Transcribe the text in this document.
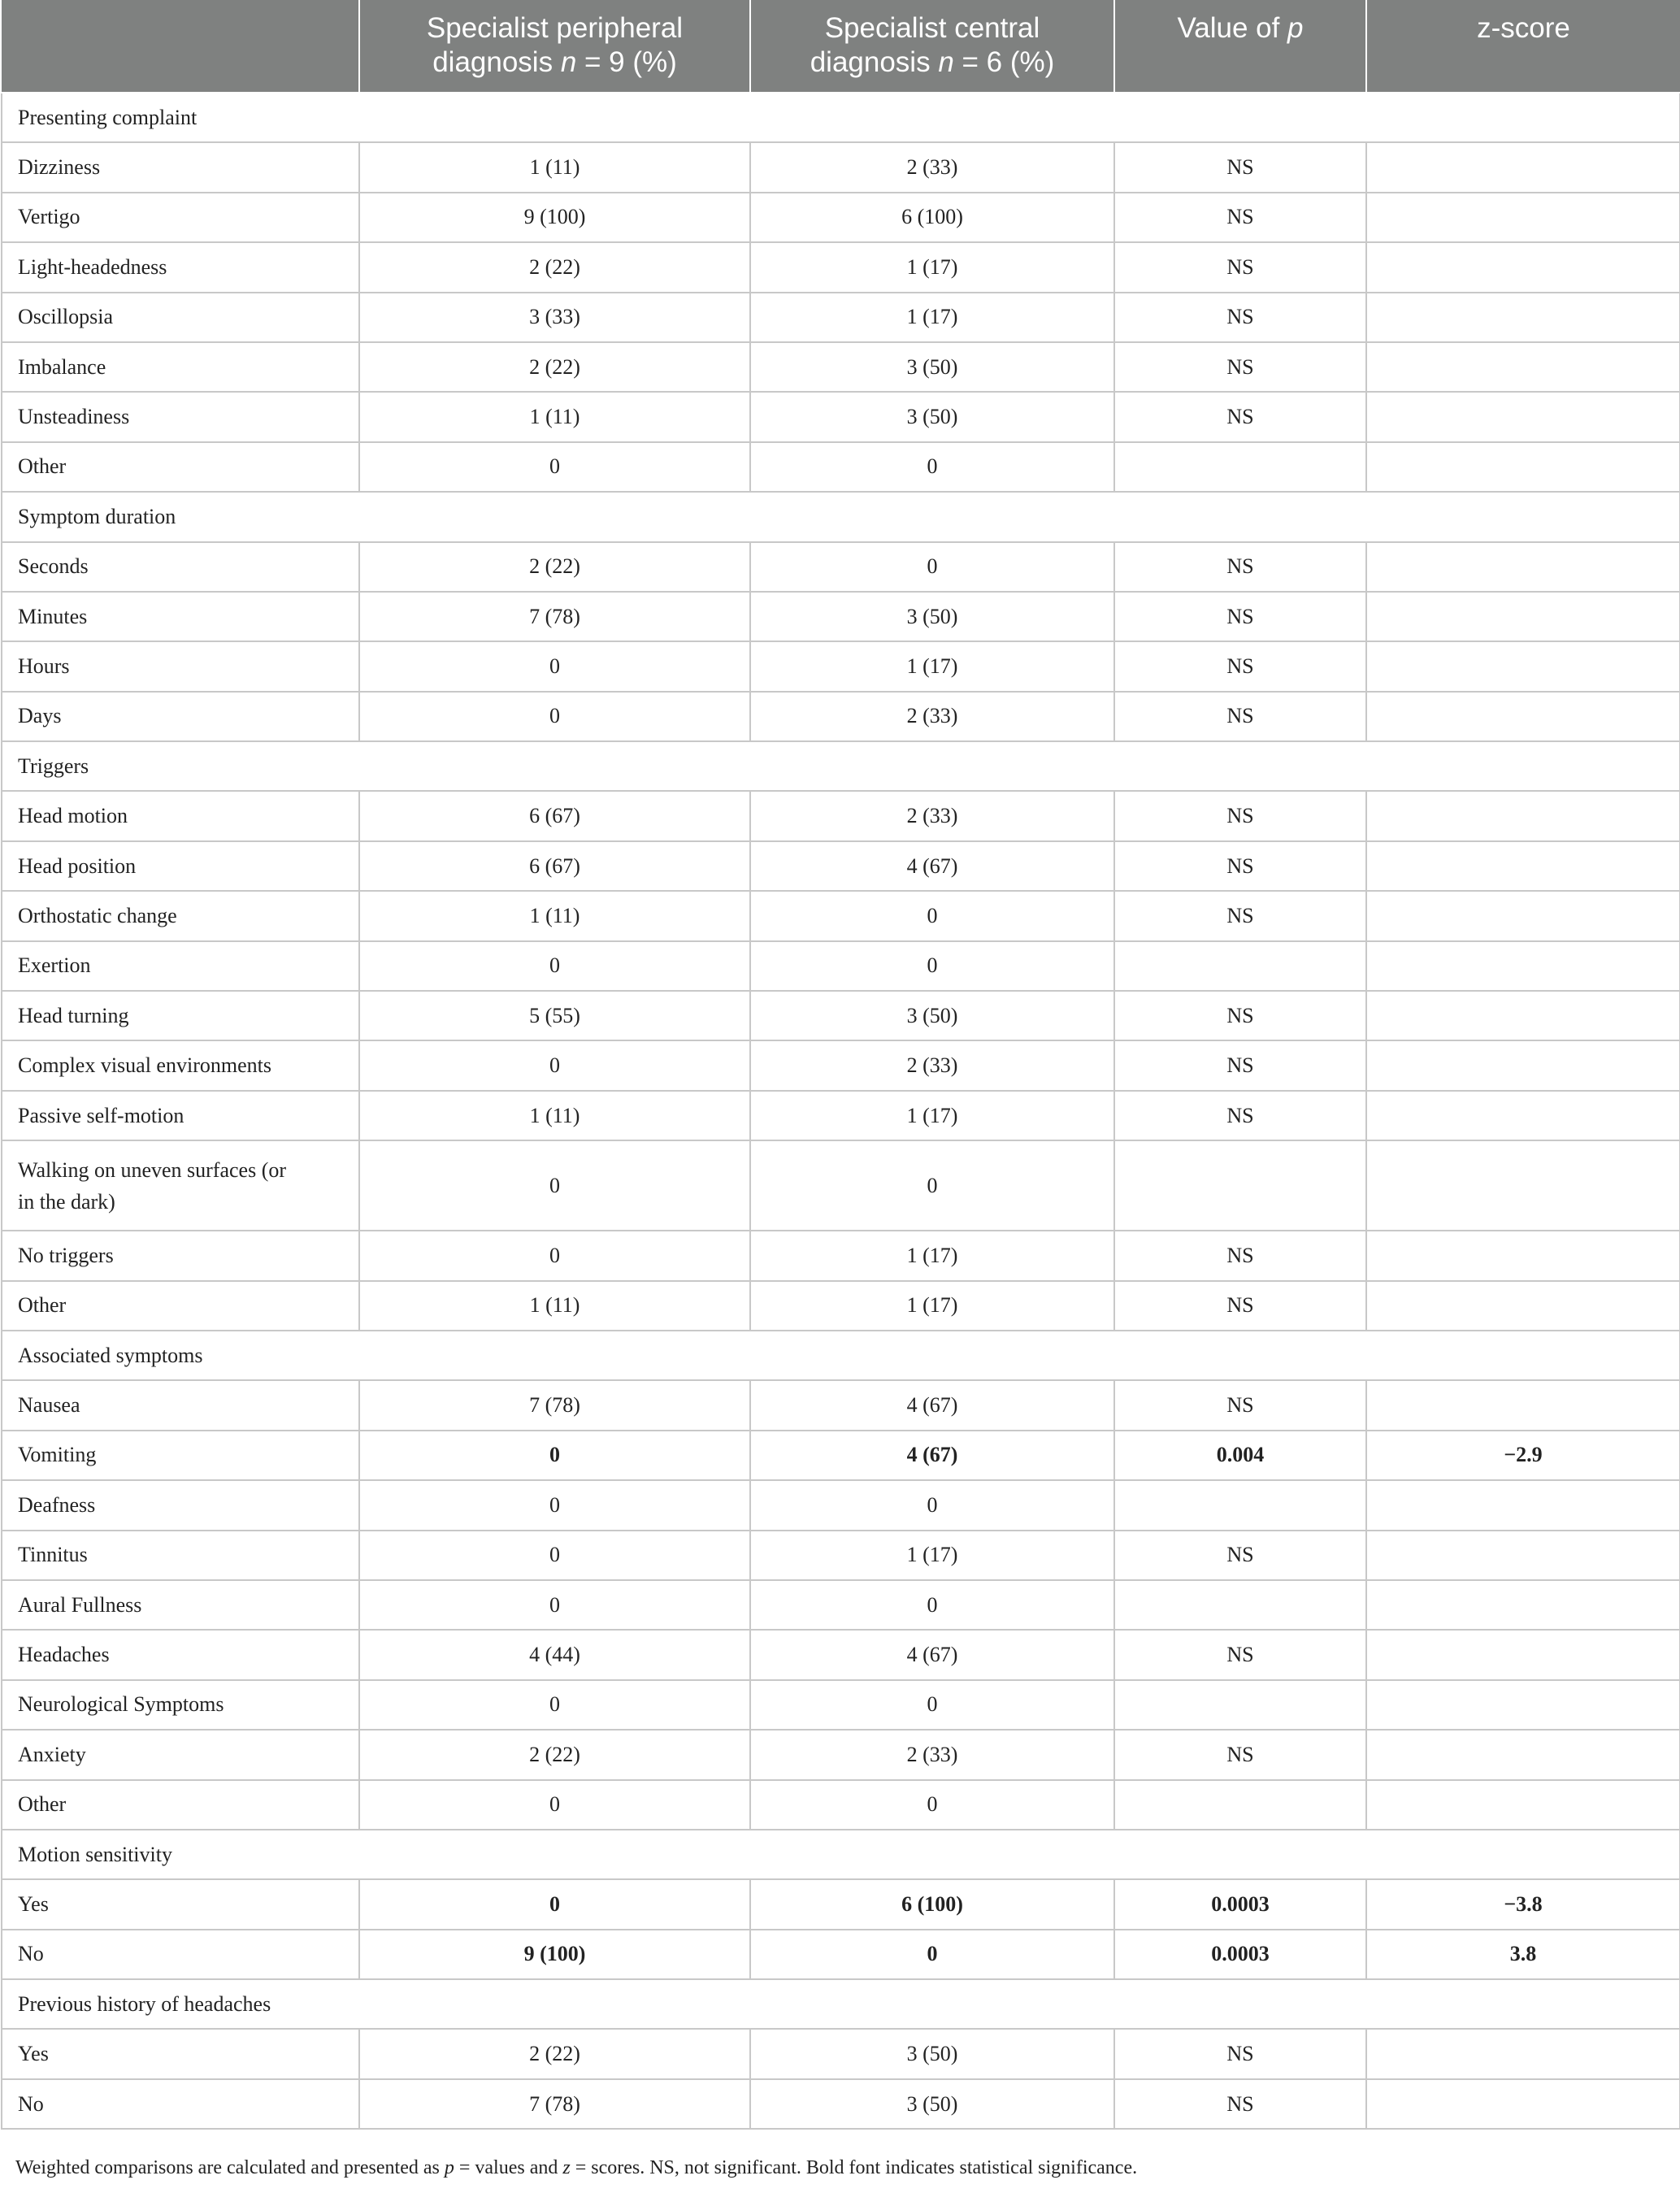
	Specialist peripheral
diagnosis n = 9 (%)	Specialist central
diagnosis n = 6 (%)	Value of p	z-score
Presenting complaint				
Dizziness	1 (11)	2 (33)	NS	
Vertigo	9 (100)	6 (100)	NS	
Light-headedness	2 (22)	1 (17)	NS	
Oscillopsia	3 (33)	1 (17)	NS	
Imbalance	2 (22)	3 (50)	NS	
Unsteadiness	1 (11)	3 (50)	NS	
Other	0	0		
Symptom duration				
Seconds	2 (22)	0	NS	
Minutes	7 (78)	3 (50)	NS	
Hours	0	1 (17)	NS	
Days	0	2 (33)	NS	
Triggers				
Head motion	6 (67)	2 (33)	NS	
Head position	6 (67)	4 (67)	NS	
Orthostatic change	1 (11)	0	NS	
Exertion	0	0		
Head turning	5 (55)	3 (50)	NS	
Complex visual environments	0	2 (33)	NS	
Passive self-motion	1 (11)	1 (17)	NS	
Walking on uneven surfaces (or
in the dark)	0	0		
No triggers	0	1 (17)	NS	
Other	1 (11)	1 (17)	NS	
Associated symptoms				
Nausea	7 (78)	4 (67)	NS	
Vomiting	0	4 (67)	0.004	−2.9
Deafness	0	0		
Tinnitus	0	1 (17)	NS	
Aural Fullness	0	0		
Headaches	4 (44)	4 (67)	NS	
Neurological Symptoms	0	0		
Anxiety	2 (22)	2 (33)	NS	
Other	0	0		
Motion sensitivity				
Yes	0	6 (100)	0.0003	−3.8
No	9 (100)	0	0.0003	3.8
Previous history of headaches				
Yes	2 (22)	3 (50)	NS	
No	7 (78)	3 (50)	NS	
Weighted comparisons are calculated and presented as p = values and z = scores. NS, not significant. Bold font indicates statistical significance.
